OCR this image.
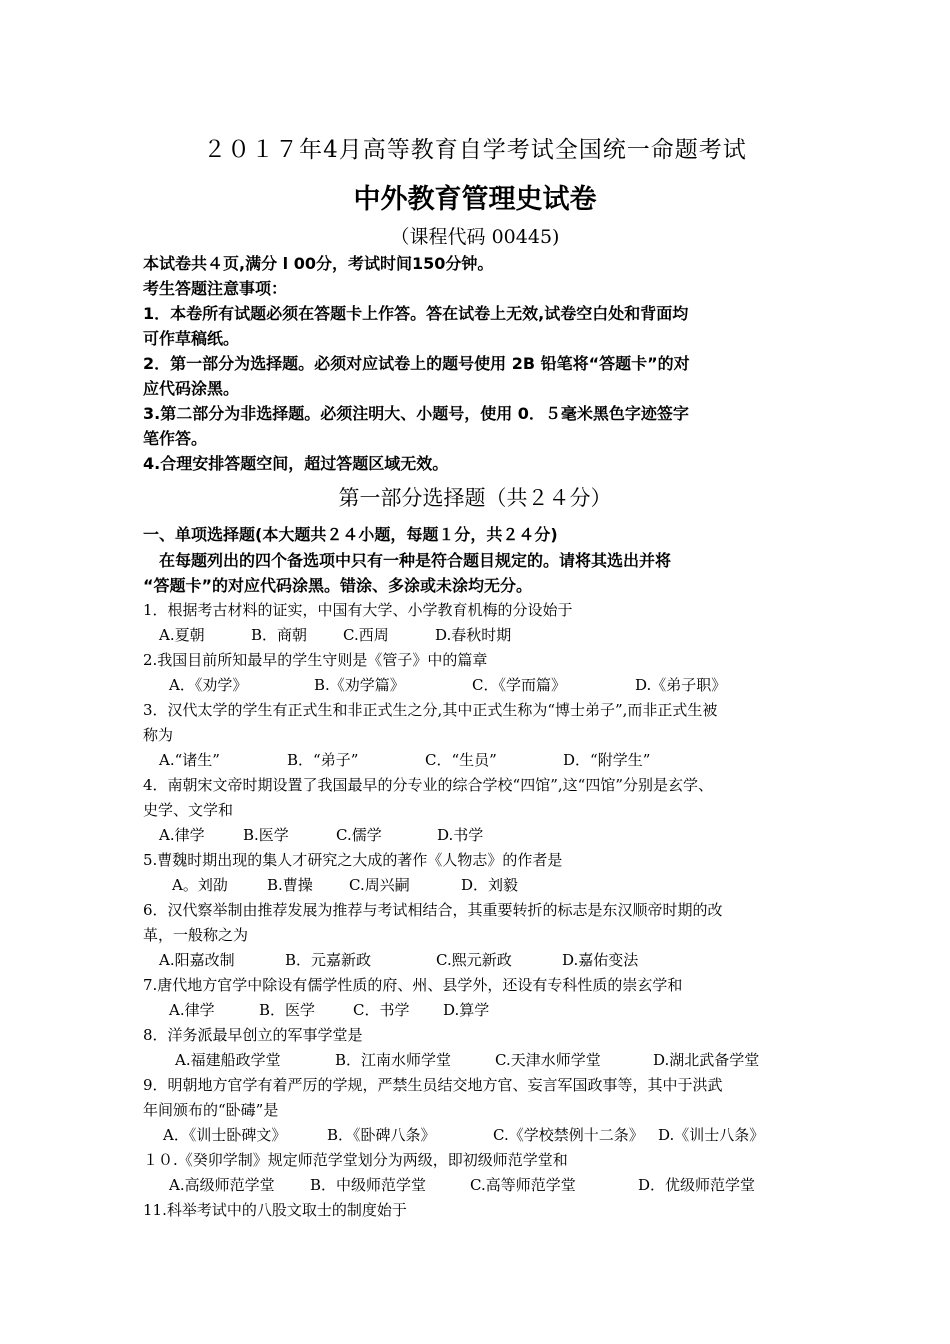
２０１７年4月高等教育自学考试全国统一命题考试
中外教育管理史试卷
（课程代码 00445)
本试卷共４页,满分 l 00分，考试时间150分钟。
考生答题注意事项：
1．本卷所有试题必须在答题卡上作答。答在试卷上无效,试卷空白处和背面均
可作草稿纸。
2．第一部分为选择题。必须对应试卷上的题号使用 2B 铅笔将“答题卡”的对
应代码涂黑。
3.第二部分为非选择题。必须注明大、小题号，使用 0．５毫米黑色字迹签字
笔作答。
4.合理安排答题空间，超过答题区域无效。
第一部分选择题（共２４分）
一、单项选择题(本大题共２４小题，每题１分，共２４分)
　在每题列出的四个备选项中只有一种是符合题目规定的。请将其选出并将
“答题卡”的对应代码涂黑。错涂、多涂或未涂均无分。
1．根据考古材料的证实，中国有大学、小学教育机梅的分设始于
A.夏朝	B．商朝 C.西周	D.春秋时期
2.我国目前所知最早的学生守则是《管子》中的篇章
A．《劝学》	B.《劝学篇》	C．《学而篇》	D.《弟子职》
3．汉代太学的学生有正式生和非正式生之分,其中正式生称为“博士弟子”,而非正式生被
称为
A.“诸生”	B．“弟子”	C．“生员”	D．“附学生”
4．南朝宋文帝时期设置了我国最早的分专业的综合学校“四馆”,这“四馆”分别是玄学、
史学、文学和
A.律学	B.医学	C.儒学	D.书学
5.曹魏时期出现的集人才研究之大成的著作《人物志》的作者是
A。刘劭	B.曹操 C.周兴嗣	D．刘毅
6．汉代察举制由推荐发展为推荐与考试相结合，其重要转折的标志是东汉顺帝时期的改
革，一般称之为
A.阳嘉改制	B．元嘉新政	C.熙元新政	D.嘉佑变法
7.唐代地方官学中除设有儒学性质的府、州、县学外，还设有专科性质的崇玄学和
A.律学	B．医学	C．书学 D.算学
8．洋务派最早创立的军事学堂是
A.福建船政学堂	B．江南水师学堂	C.天津水师学堂	D.湖北武备学堂
9．明朝地方官学有着严厉的学规，严禁生员结交地方官、妄言军国政事等，其中于洪武
年间颁布的“卧碡”是
A．《训士卧碑文》	B．《卧碑八条》	C.《学校禁例十二条》 D.《训士八条》
１０.《癸卯学制》规定师范学堂划分为两级，即初级师范学堂和
A.高级师范学堂 B．中级师范学堂	C.高等师范学堂	D．优级师范学堂
11.科举考试中的八股文取士的制度始于
